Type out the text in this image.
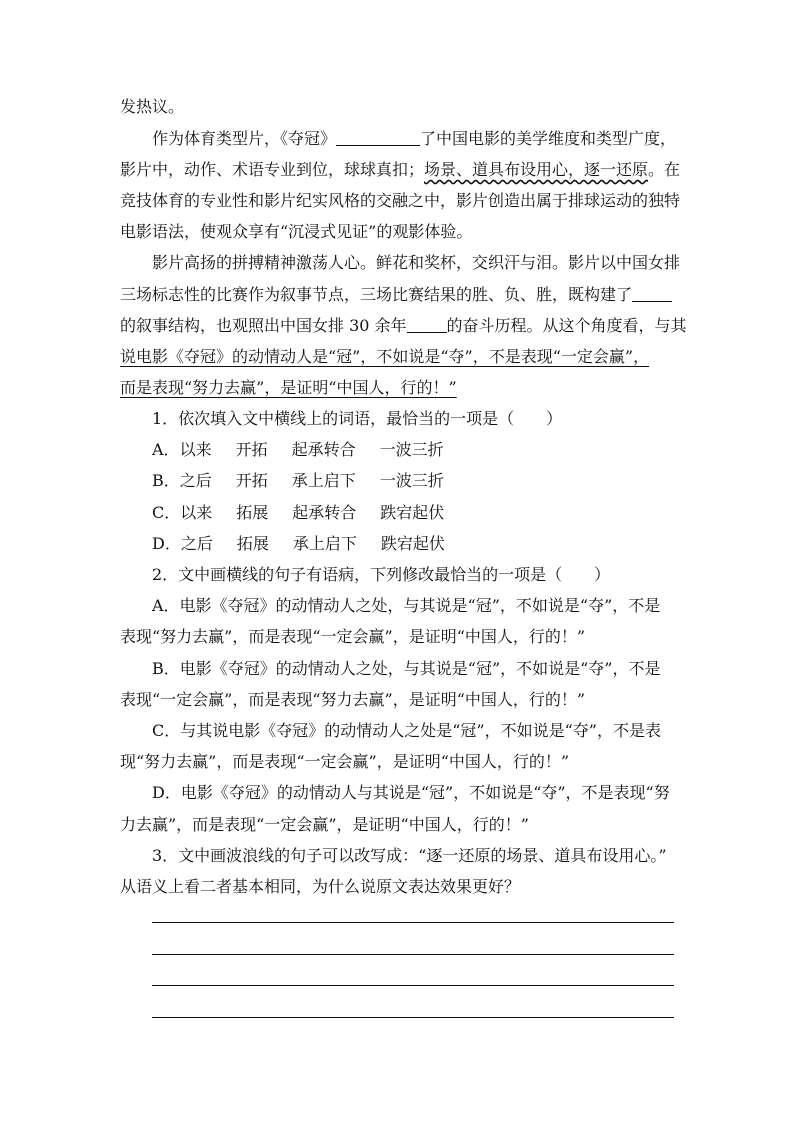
发热议。
作为体育类型片，《夺冠》	了中国电影的美学维度和类型广度，
影片中，动作、术语专业到位，球球真扣；场景、道具布设用心，逐一还原。在
竞技体育的专业性和影片纪实风格的交融之中，影片创造出属于排球运动的独特
电影语法，使观众享有“沉浸式见证”的观影体验。
影片高扬的拼搏精神激荡人心。鲜花和奖杯，交织汗与泪。影片以中国女排
三场标志性的比赛作为叙事节点，三场比赛结果的胜、负、胜，既构建了
的叙事结构，也观照出中国女排 30 余年	的奋斗历程。从这个角度看，与其
说电影《夺冠》的动情动人是“冠”，不如说是“夺”，不是表现“一定会赢”，
而是表现“努力去赢”，是证明“中国人，行的！”
1．依次填入文中横线上的词语，最恰当的一项是（　　）
A．以来 开拓 起承转合 一波三折
B．之后 开拓 承上启下 一波三折
C．以来 拓展 起承转合 跌宕起伏
D．之后 拓展 承上启下 跌宕起伏
2．文中画横线的句子有语病，下列修改最恰当的一项是（　　）
A．电影《夺冠》的动情动人之处，与其说是“冠”，不如说是“夺”，不是
表现“努力去赢”，而是表现“一定会赢”，是证明“中国人，行的！”
B．电影《夺冠》的动情动人之处，与其说是“冠”，不如说是“夺”，不是
表现“一定会赢”，而是表现“努力去赢”，是证明“中国人，行的！”
C．与其说电影《夺冠》的动情动人之处是“冠”，不如说是“夺”，不是表
现“努力去赢”，而是表现“一定会赢”，是证明“中国人，行的！”
D．电影《夺冠》的动情动人与其说是“冠”，不如说是“夺”，不是表现“努
力去赢”，而是表现“一定会赢”，是证明“中国人，行的！”
3．文中画波浪线的句子可以改写成：“逐一还原的场景、道具布设用心。”
从语义上看二者基本相同，为什么说原文表达效果更好？
